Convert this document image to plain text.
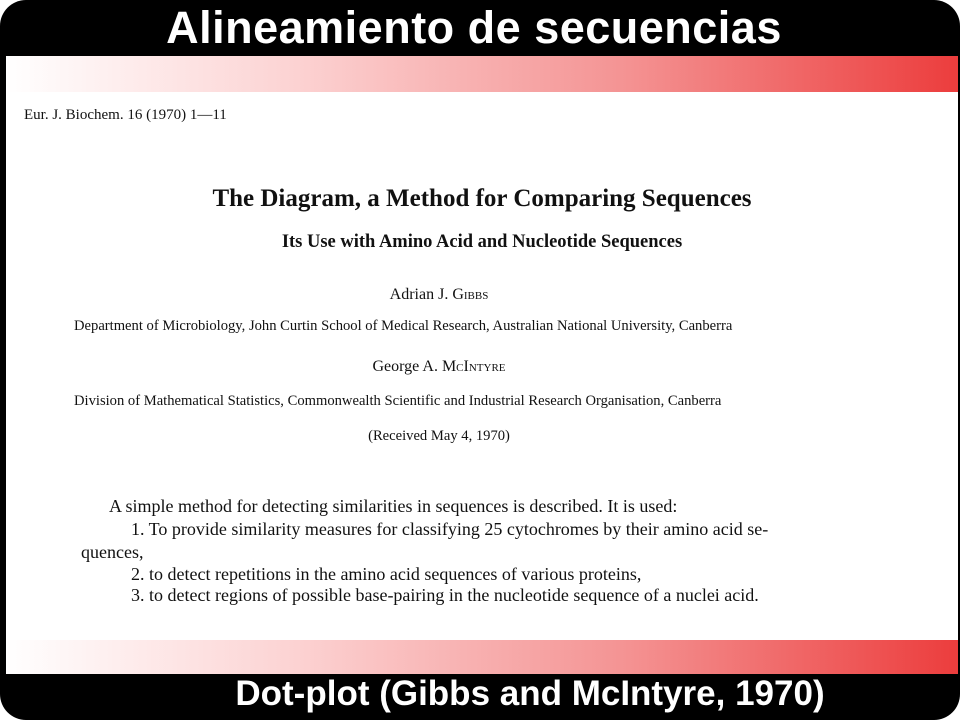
Alineamiento de secuencias
Eur. J. Biochem. 16 (1970) 1—11
The Diagram, a Method for Comparing Sequences
Its Use with Amino Acid and Nucleotide Sequences
Adrian J. Gibbs
Department of Microbiology, John Curtin School of Medical Research, Australian National University, Canberra
George A. McIntyre
Division of Mathematical Statistics, Commonwealth Scientific and Industrial Research Organisation, Canberra
(Received May 4, 1970)
A simple method for detecting similarities in sequences is described. It is used:
1. To provide similarity measures for classifying 25 cytochromes by their amino acid se-
quences,
2. to detect repetitions in the amino acid sequences of various proteins,
3. to detect regions of possible base-pairing in the nucleotide sequence of a nuclei acid.
Dot-plot (Gibbs and McIntyre, 1970)
